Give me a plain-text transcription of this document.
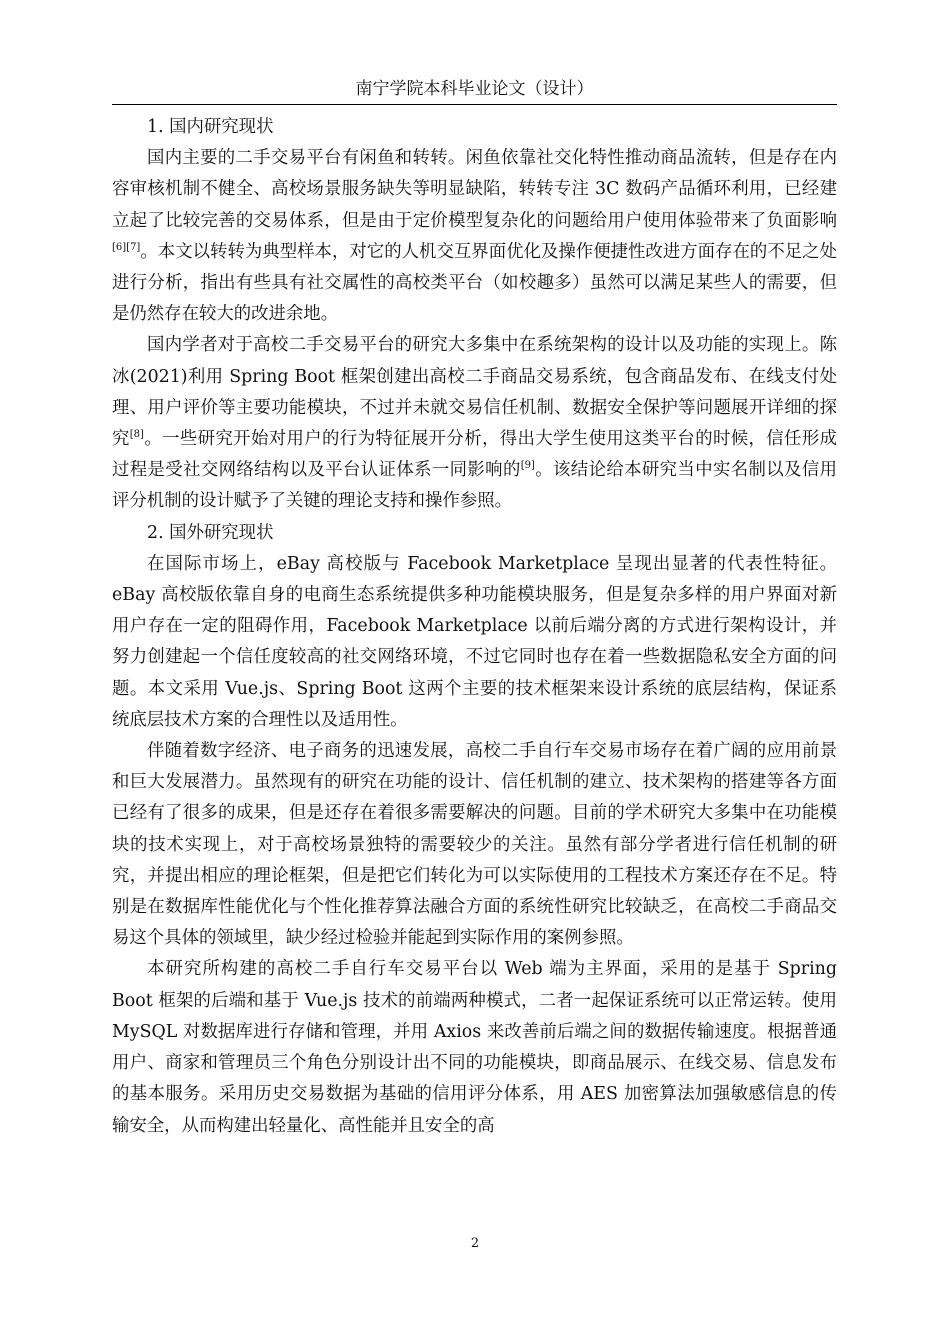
南宁学院本科毕业论文（设计）

1. 国内研究现状

国内主要的二手交易平台有闲鱼和转转。闲鱼依靠社交化特性推动商品流转，但是存在内容审核机制不健全、高校场景服务缺失等明显缺陷，转转专注 3C 数码产品循环利用，已经建立起了比较完善的交易体系，但是由于定价模型复杂化的问题给用户使用体验带来了负面影响[6][7]。本文以转转为典型样本，对它的人机交互界面优化及操作便捷性改进方面存在的不足之处进行分析，指出有些具有社交属性的高校类平台（如校趣多）虽然可以满足某些人的需要，但是仍然存在较大的改进余地。

国内学者对于高校二手交易平台的研究大多集中在系统架构的设计以及功能的实现上。陈冰(2021)利用 Spring Boot 框架创建出高校二手商品交易系统，包含商品发布、在线支付处理、用户评价等主要功能模块，不过并未就交易信任机制、数据安全保护等问题展开详细的探究[8]。一些研究开始对用户的行为特征展开分析，得出大学生使用这类平台的时候，信任形成过程是受社交网络结构以及平台认证体系一同影响的[9]。该结论给本研究当中实名制以及信用评分机制的设计赋予了关键的理论支持和操作参照。

2. 国外研究现状

在国际市场上，eBay 高校版与 Facebook Marketplace 呈现出显著的代表性特征。eBay 高校版依靠自身的电商生态系统提供多种功能模块服务，但是复杂多样的用户界面对新用户存在一定的阻碍作用，Facebook Marketplace 以前后端分离的方式进行架构设计，并努力创建起一个信任度较高的社交网络环境，不过它同时也存在着一些数据隐私安全方面的问题。本文采用 Vue.js、Spring Boot 这两个主要的技术框架来设计系统的底层结构，保证系统底层技术方案的合理性以及适用性。

伴随着数字经济、电子商务的迅速发展，高校二手自行车交易市场存在着广阔的应用前景和巨大发展潜力。虽然现有的研究在功能的设计、信任机制的建立、技术架构的搭建等各方面已经有了很多的成果，但是还存在着很多需要解决的问题。目前的学术研究大多集中在功能模块的技术实现上，对于高校场景独特的需要较少的关注。虽然有部分学者进行信任机制的研究，并提出相应的理论框架，但是把它们转化为可以实际使用的工程技术方案还存在不足。特别是在数据库性能优化与个性化推荐算法融合方面的系统性研究比较缺乏，在高校二手商品交易这个具体的领域里，缺少经过检验并能起到实际作用的案例参照。

本研究所构建的高校二手自行车交易平台以 Web 端为主界面，采用的是基于 Spring Boot 框架的后端和基于 Vue.js 技术的前端两种模式，二者一起保证系统可以正常运转。使用 MySQL 对数据库进行存储和管理，并用 Axios 来改善前后端之间的数据传输速度。根据普通用户、商家和管理员三个角色分别设计出不同的功能模块，即商品展示、在线交易、信息发布的基本服务。采用历史交易数据为基础的信用评分体系，用 AES 加密算法加强敏感信息的传输安全，从而构建出轻量化、高性能并且安全的高

2
